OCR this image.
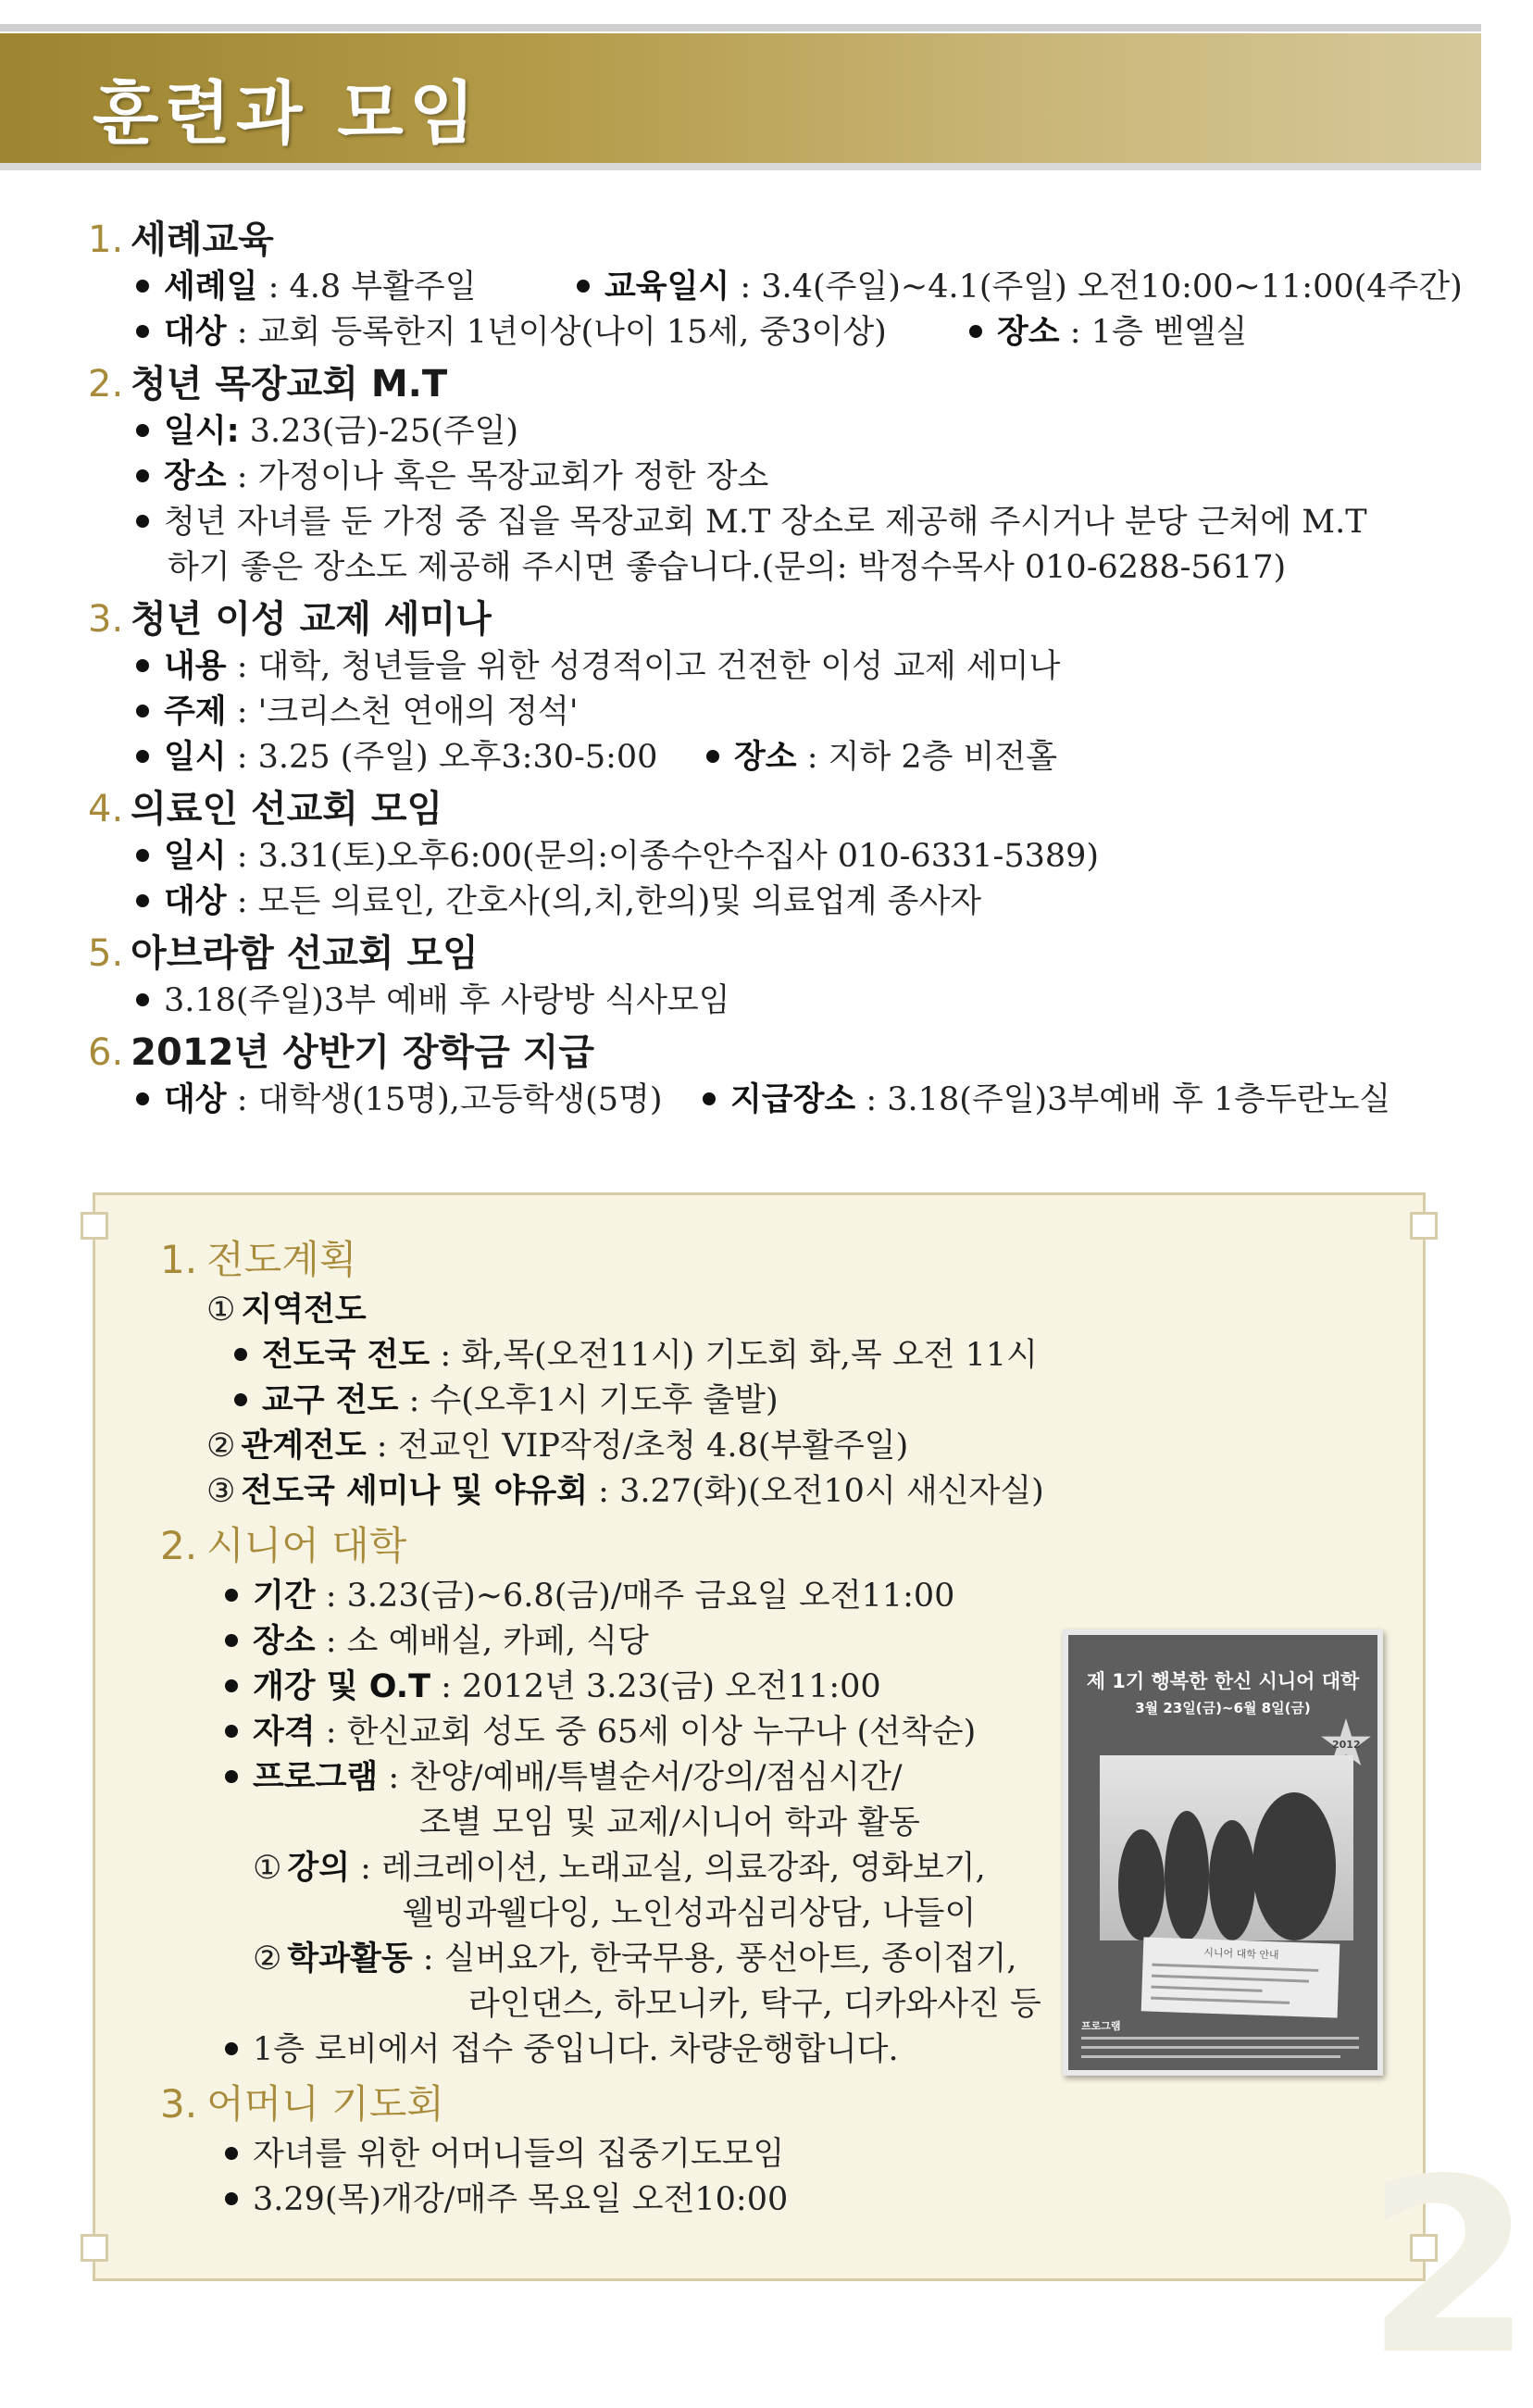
훈련과 모임
1. 세례교육
세례일 : 4.8 부활주일	교육일시 : 3.4(주일)~4.1(주일) 오전10:00~11:00(4주간)
대상 : 교회 등록한지 1년이상(나이 15세, 중3이상)	장소 : 1층 벧엘실
2. 청년 목장교회 M.T
일시: 3.23(금)-25(주일)
장소 : 가정이나 혹은 목장교회가 정한 장소
청년 자녀를 둔 가정 중 집을 목장교회 M.T 장소로 제공해 주시거나 분당 근처에 M.T
하기 좋은 장소도 제공해 주시면 좋습니다.(문의: 박정수목사 010-6288-5617)
3. 청년 이성 교제 세미나
내용 : 대학, 청년들을 위한 성경적이고 건전한 이성 교제 세미나
주제 : '크리스천 연애의 정석'
일시 : 3.25 (주일) 오후3:30-5:00	장소 : 지하 2층 비전홀
4. 의료인 선교회 모임
일시 : 3.31(토)오후6:00(문의:이종수안수집사 010-6331-5389)
대상 : 모든 의료인, 간호사(의,치,한의)및 의료업계 종사자
5. 아브라함 선교회 모임
3.18(주일)3부 예배 후 사랑방 식사모임
6. 2012년 상반기 장학금 지급
대상 : 대학생(15명),고등학생(5명)	지급장소 : 3.18(주일)3부예배 후 1층두란노실
1. 전도계획
① 지역전도
전도국 전도 : 화,목(오전11시) 기도회 화,목 오전 11시
교구 전도 : 수(오후1시 기도후 출발)
② 관계전도 : 전교인 VIP작정/초청 4.8(부활주일)
③ 전도국 세미나 및 야유회 : 3.27(화)(오전10시 새신자실)
2. 시니어 대학
기간 : 3.23(금)~6.8(금)/매주 금요일 오전11:00
장소 : 소 예배실, 카페, 식당
개강 및 O.T : 2012년 3.23(금) 오전11:00
자격 : 한신교회 성도 중 65세 이상 누구나 (선착순)
프로그램 : 찬양/예배/특별순서/강의/점심시간/
조별 모임 및 교제/시니어 학과 활동
① 강의 : 레크레이션, 노래교실, 의료강좌, 영화보기,
웰빙과웰다잉, 노인성과심리상담, 나들이
② 학과활동 : 실버요가, 한국무용, 풍선아트, 종이접기,
라인댄스, 하모니카, 탁구, 디카와사진 등
1층 로비에서 접수 중입니다. 차량운행합니다.
3. 어머니 기도회
자녀를 위한 어머니들의 집중기도모임
3.29(목)개강/매주 목요일 오전10:00
제 1기 행복한 한신 시니어 대학
3월 23일(금)~6월 8일(금)
2012
시니어 대학 안내
프로그램
2
